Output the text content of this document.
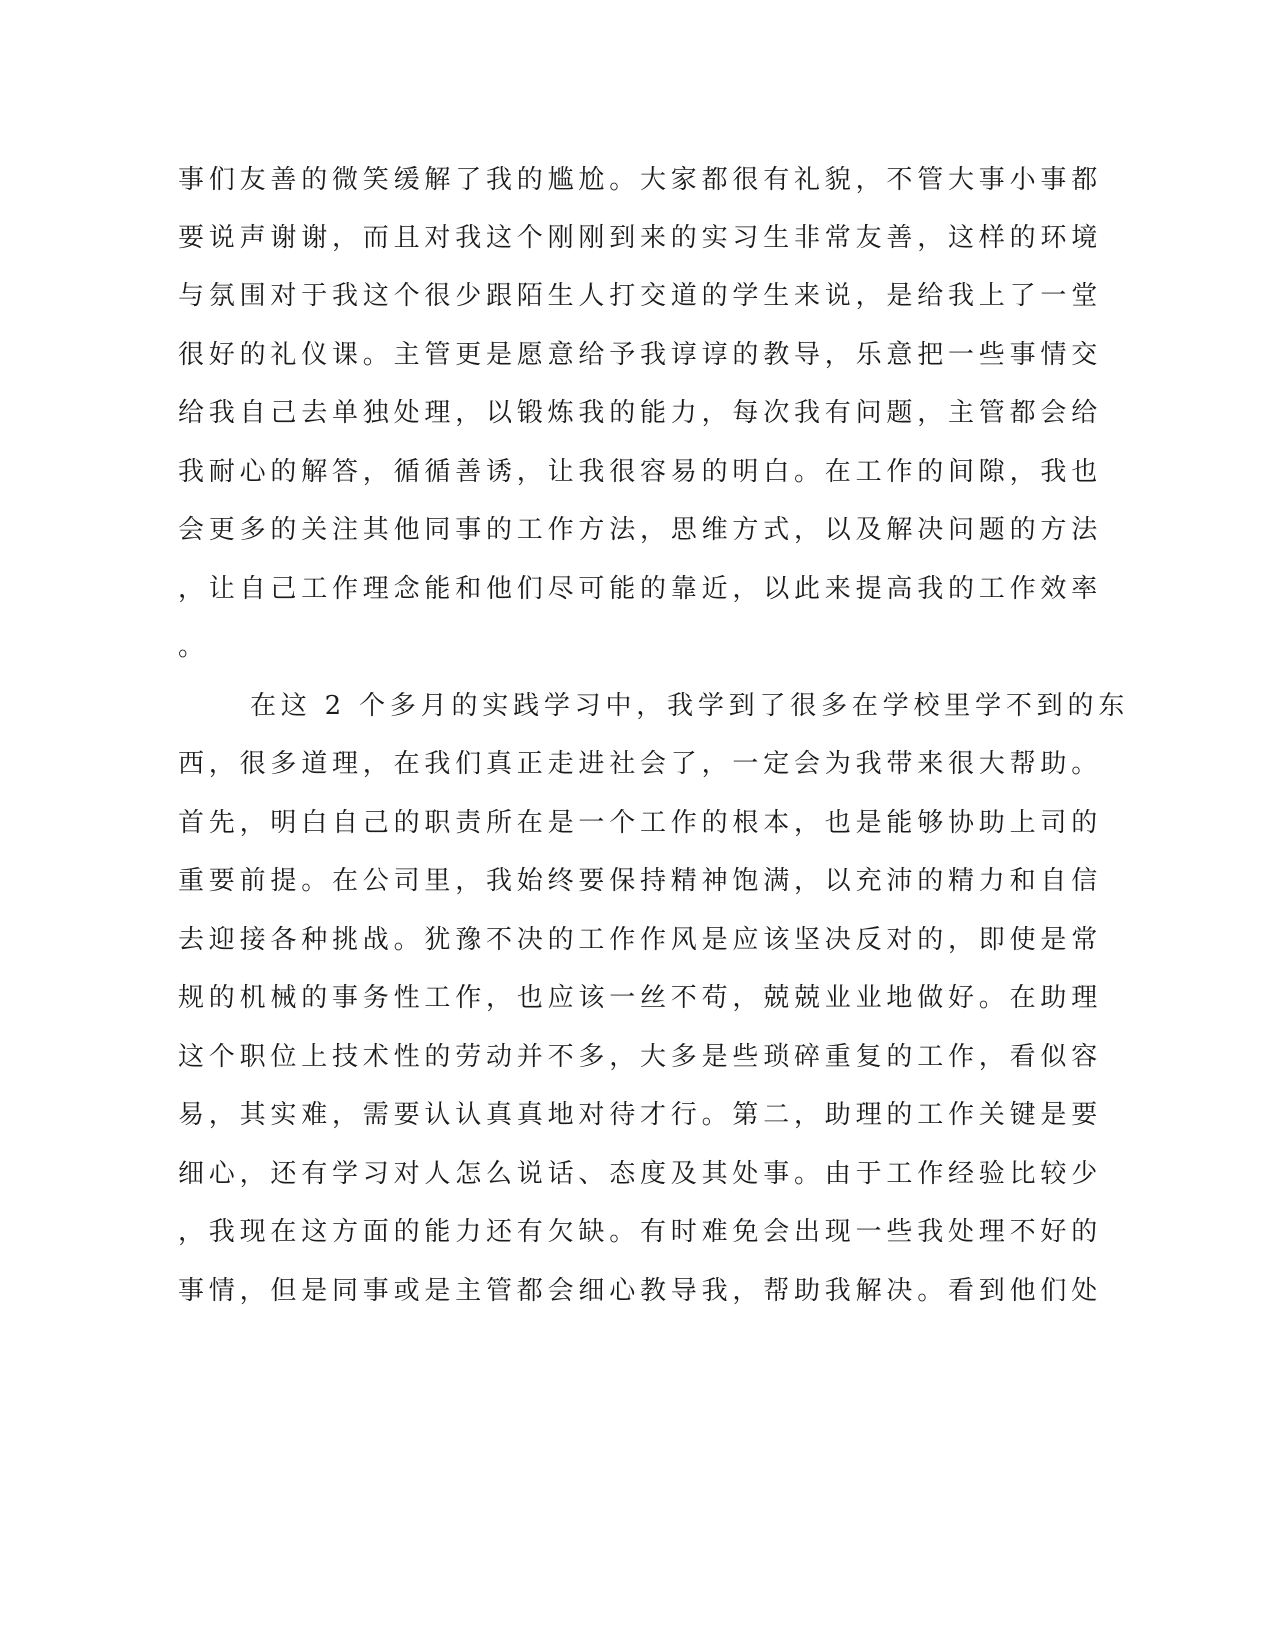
事们友善的微笑缓解了我的尴尬。大家都很有礼貌，不管大事小事都
要说声谢谢，而且对我这个刚刚到来的实习生非常友善，这样的环境
与氛围对于我这个很少跟陌生人打交道的学生来说，是给我上了一堂
很好的礼仪课。主管更是愿意给予我谆谆的教导，乐意把一些事情交
给我自己去单独处理，以锻炼我的能力，每次我有问题，主管都会给
我耐心的解答，循循善诱，让我很容易的明白。在工作的间隙，我也
会更多的关注其他同事的工作方法，思维方式，以及解决问题的方法
，让自己工作理念能和他们尽可能的靠近，以此来提高我的工作效率
。
在这 2 个多月的实践学习中，我学到了很多在学校里学不到的东
西，很多道理，在我们真正走进社会了，一定会为我带来很大帮助。
首先，明白自己的职责所在是一个工作的根本，也是能够协助上司的
重要前提。在公司里，我始终要保持精神饱满，以充沛的精力和自信
去迎接各种挑战。犹豫不决的工作作风是应该坚决反对的，即使是常
规的机械的事务性工作，也应该一丝不苟，兢兢业业地做好。在助理
这个职位上技术性的劳动并不多，大多是些琐碎重复的工作，看似容
易，其实难，需要认认真真地对待才行。第二，助理的工作关键是要
细心，还有学习对人怎么说话、态度及其处事。由于工作经验比较少
，我现在这方面的能力还有欠缺。有时难免会出现一些我处理不好的
事情，但是同事或是主管都会细心教导我，帮助我解决。看到他们处
